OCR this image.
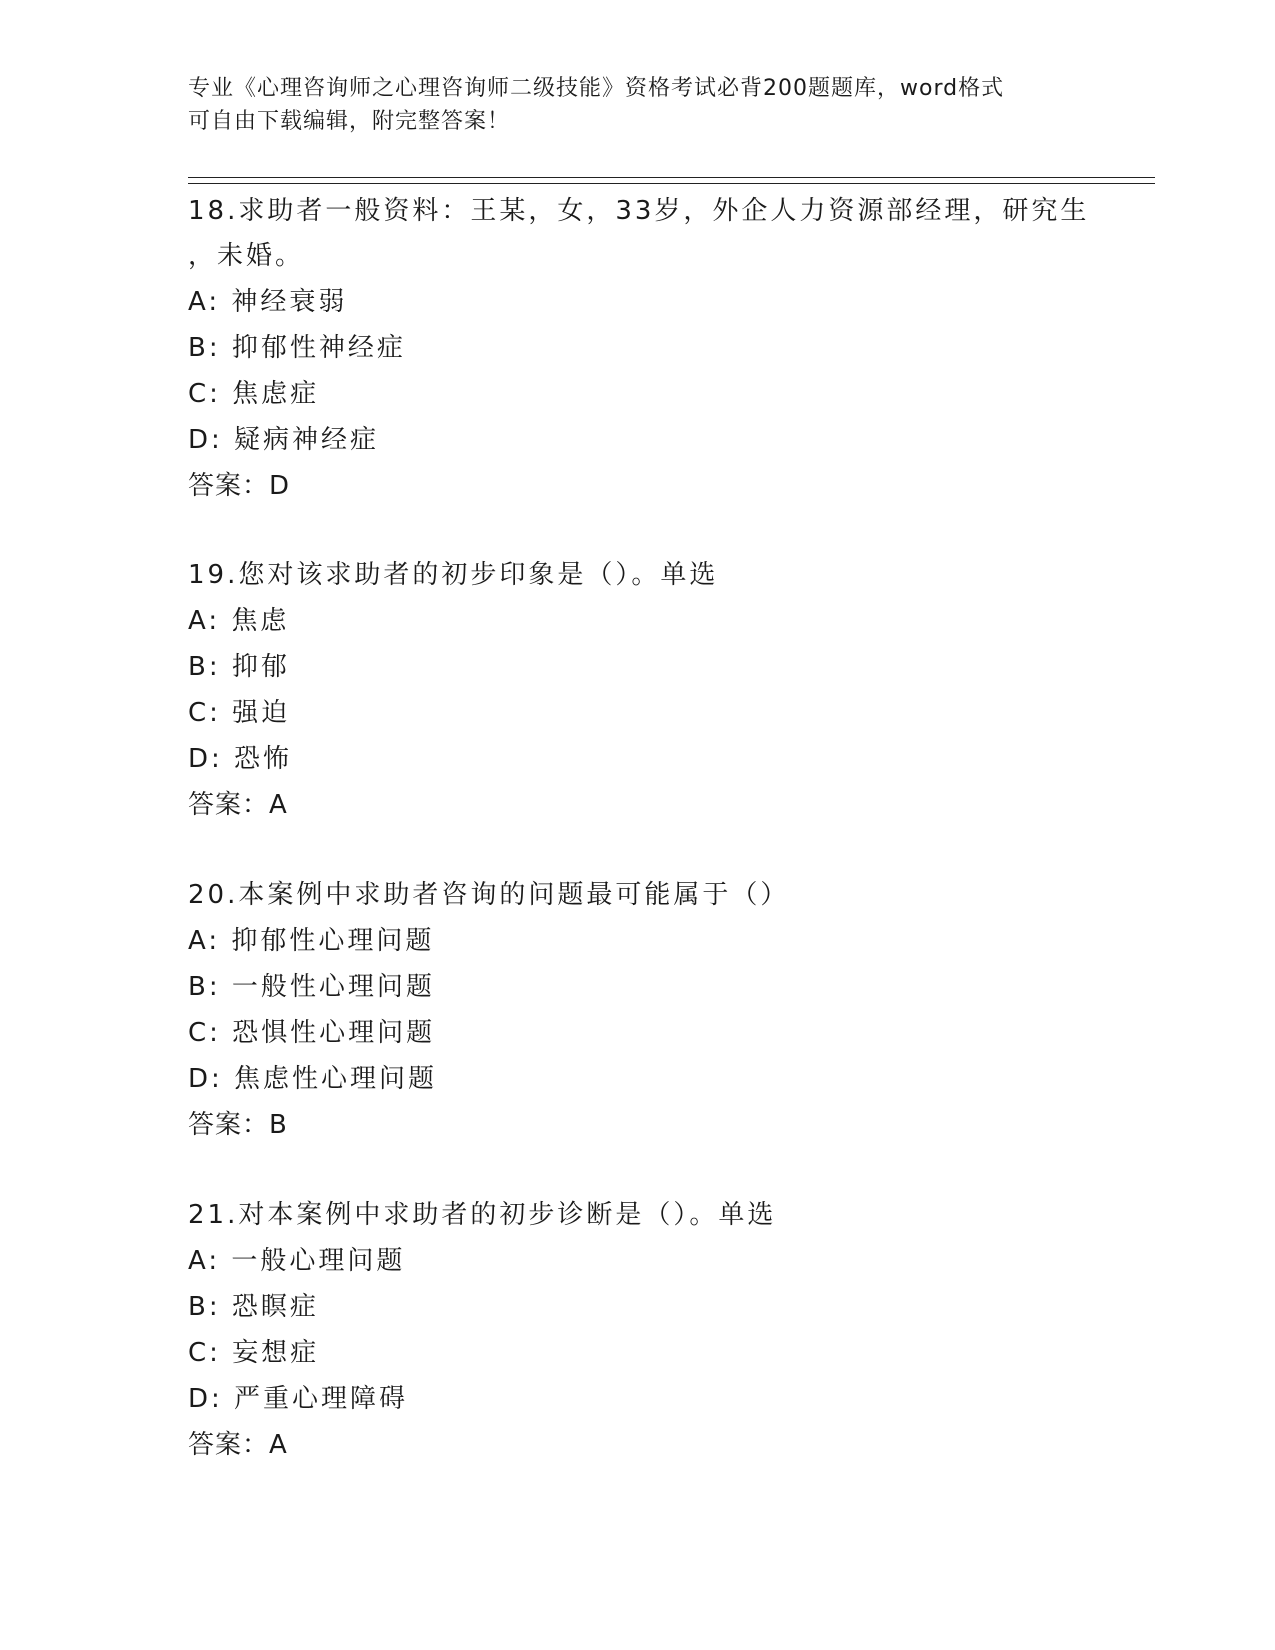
专业《心理咨询师之心理咨询师二级技能》资格考试必背200题题库，word格式
可自由下载编辑，附完整答案！

18.求助者一般资料：王某，女，33岁，外企人力资源部经理，研究生

，未婚。

A: 神经衰弱

B: 抑郁性神经症

C: 焦虑症

D: 疑病神经症

答案：D

19.您对该求助者的初步印象是（）。单选

A: 焦虑

B: 抑郁

C: 强迫

D: 恐怖

答案：A

20.本案例中求助者咨询的问题最可能属于（）

A: 抑郁性心理问题

B: 一般性心理问题

C: 恐惧性心理问题

D: 焦虑性心理问题

答案：B

21.对本案例中求助者的初步诊断是（）。单选

A: 一般心理问题

B: 恐瞑症

C: 妄想症

D: 严重心理障碍

答案：A
